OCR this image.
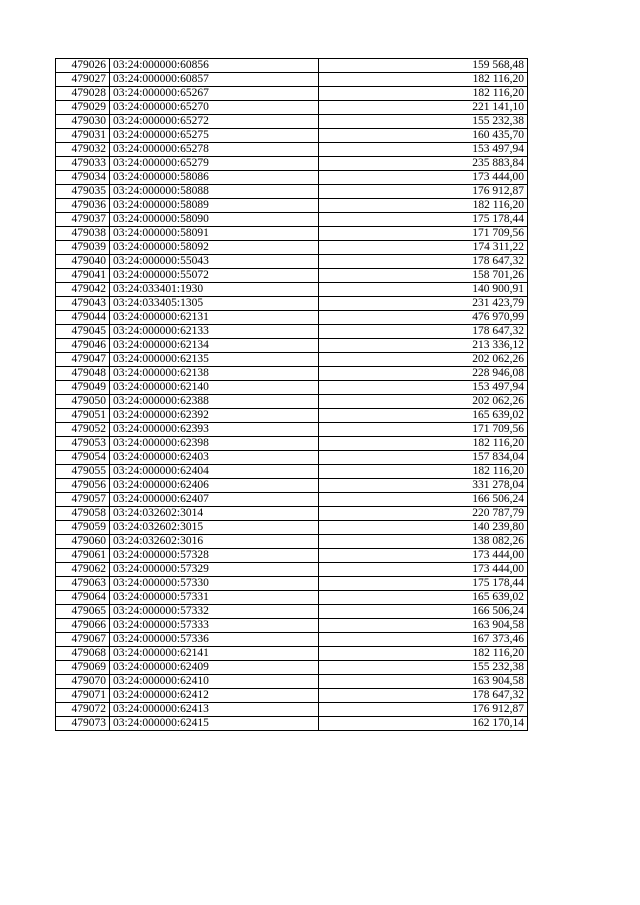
479026	03:24:000000:60856	159 568,48
479027	03:24:000000:60857	182 116,20
479028	03:24:000000:65267	182 116,20
479029	03:24:000000:65270	221 141,10
479030	03:24:000000:65272	155 232,38
479031	03:24:000000:65275	160 435,70
479032	03:24:000000:65278	153 497,94
479033	03:24:000000:65279	235 883,84
479034	03:24:000000:58086	173 444,00
479035	03:24:000000:58088	176 912,87
479036	03:24:000000:58089	182 116,20
479037	03:24:000000:58090	175 178,44
479038	03:24:000000:58091	171 709,56
479039	03:24:000000:58092	174 311,22
479040	03:24:000000:55043	178 647,32
479041	03:24:000000:55072	158 701,26
479042	03:24:033401:1930	140 900,91
479043	03:24:033405:1305	231 423,79
479044	03:24:000000:62131	476 970,99
479045	03:24:000000:62133	178 647,32
479046	03:24:000000:62134	213 336,12
479047	03:24:000000:62135	202 062,26
479048	03:24:000000:62138	228 946,08
479049	03:24:000000:62140	153 497,94
479050	03:24:000000:62388	202 062,26
479051	03:24:000000:62392	165 639,02
479052	03:24:000000:62393	171 709,56
479053	03:24:000000:62398	182 116,20
479054	03:24:000000:62403	157 834,04
479055	03:24:000000:62404	182 116,20
479056	03:24:000000:62406	331 278,04
479057	03:24:000000:62407	166 506,24
479058	03:24:032602:3014	220 787,79
479059	03:24:032602:3015	140 239,80
479060	03:24:032602:3016	138 082,26
479061	03:24:000000:57328	173 444,00
479062	03:24:000000:57329	173 444,00
479063	03:24:000000:57330	175 178,44
479064	03:24:000000:57331	165 639,02
479065	03:24:000000:57332	166 506,24
479066	03:24:000000:57333	163 904,58
479067	03:24:000000:57336	167 373,46
479068	03:24:000000:62141	182 116,20
479069	03:24:000000:62409	155 232,38
479070	03:24:000000:62410	163 904,58
479071	03:24:000000:62412	178 647,32
479072	03:24:000000:62413	176 912,87
479073	03:24:000000:62415	162 170,14
